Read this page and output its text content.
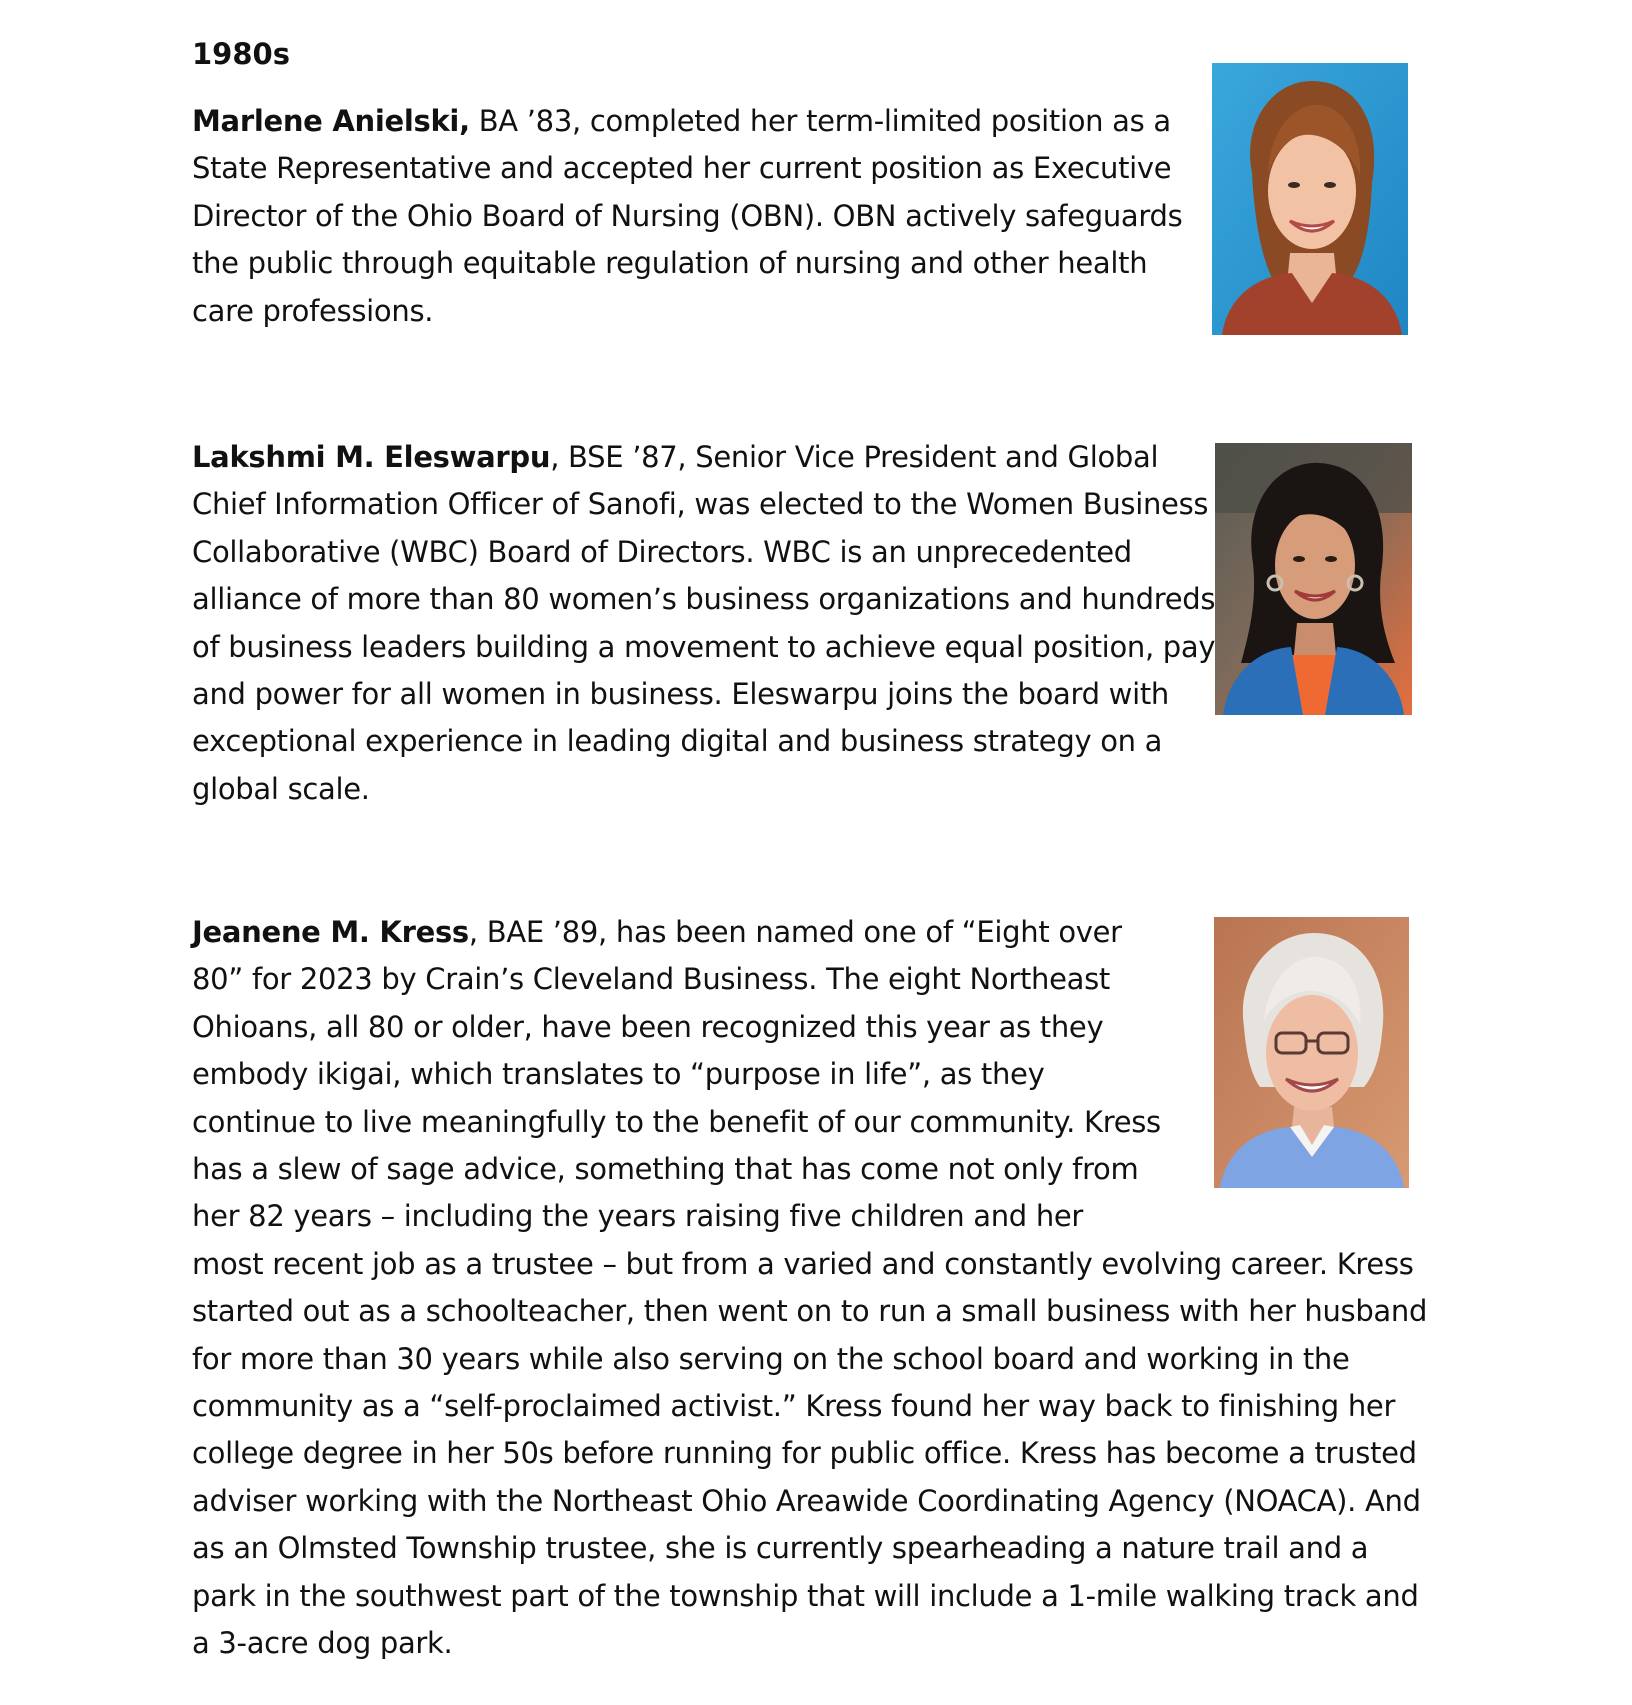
1980s

Marlene Anielski, BA ’83, completed her term-limited position as a State Representative and accepted her current position as Executive Director of the Ohio Board of Nursing (OBN). OBN actively safeguards the public through equitable regulation of nursing and other health care professions.

Lakshmi M. Eleswarpu, BSE ’87, Senior Vice President and Global Chief Information Officer of Sanofi, was elected to the Women Business Collaborative (WBC) Board of Directors. WBC is an unprecedented alliance of more than 80 women’s business organizations and hundreds of business leaders building a movement to achieve equal position, pay and power for all women in business. Eleswarpu joins the board with exceptional experience in leading digital and business strategy on a global scale.

Jeanene M. Kress, BAE ’89, has been named one of “Eight over 80” for 2023 by Crain’s Cleveland Business. The eight Northeast Ohioans, all 80 or older, have been recognized this year as they embody ikigai, which translates to “purpose in life”, as they continue to live meaningfully to the benefit of our community. Kress has a slew of sage advice, something that has come not only from her 82 years – including the years raising five children and her most recent job as a trustee – but from a varied and constantly evolving career. Kress started out as a schoolteacher, then went on to run a small business with her husband for more than 30 years while also serving on the school board and working in the community as a “self-proclaimed activist.” Kress found her way back to finishing her college degree in her 50s before running for public office. Kress has become a trusted adviser working with the Northeast Ohio Areawide Coordinating Agency (NOACA). And as an Olmsted Township trustee, she is currently spearheading a nature trail and a park in the southwest part of the township that will include a 1-mile walking track and a 3-acre dog park.
